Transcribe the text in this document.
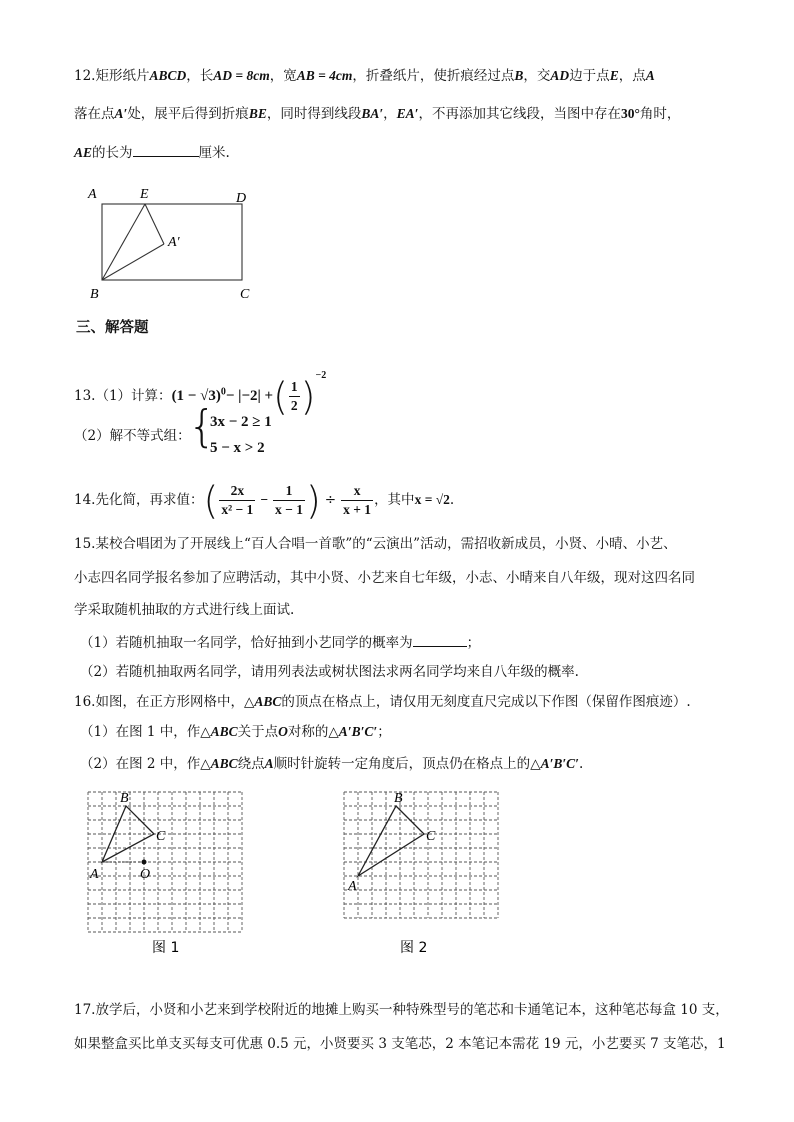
12.矩形纸片ABCD，长AD = 8cm，宽AB = 4cm，折叠纸片，使折痕经过点B，交AD边于点E，点A
落在点A′处，展平后得到折痕BE，同时得到线段BA′，EA′，不再添加其它线段，当图中存在30°角时，
AE的长为	厘米.
A	E	D
A′
B	C
三、解答题
13.（1）计算：$(1 - √3)^0- |-2|$ +( $\frac{1}{2} )^{-2}$
（2）解不等式组：
{
3x − 2 ≥ 1
5 − x > 2
14.先化简，再求值：( $\frac{2x}{\text{x² − 1}} - \frac{1}{x - 1}$ ) ÷ $\frac{x}{x + 1}$ ，其中x = √2.
15.某校合唱团为了开展线上“百人合唱一首歌”的“云演出”活动，需招收新成员，小贤、小晴、小艺、
小志四名同学报名参加了应聘活动，其中小贤、小艺来自七年级，小志、小晴来自八年级，现对这四名同
学采取随机抽取的方式进行线上面试.
（1）若随机抽取一名同学，恰好抽到小艺同学的概率为	；
（2）若随机抽取两名同学，请用列表法或树状图法求两名同学均来自八年级的概率.
16.如图，在正方形网格中，△ABC的顶点在格点上，请仅用无刻度直尺完成以下作图（保留作图痕迹）.
（1）在图 1 中，作△ABC关于点O对称的△A′B′C′；
（2）在图 2 中，作△ABC绕点A顺时针旋转一定角度后，顶点仍在格点上的△A′B′C′.
A
B
C
O
图 1
A
B
C
图 2
17.放学后，小贤和小艺来到学校附近的地摊上购买一种特殊型号的笔芯和卡通笔记本，这种笔芯每盒 10 支，
如果整盒买比单支买每支可优惠 0.5 元，小贤要买 3 支笔芯，2 本笔记本需花 19 元，小艺要买 7 支笔芯，1
